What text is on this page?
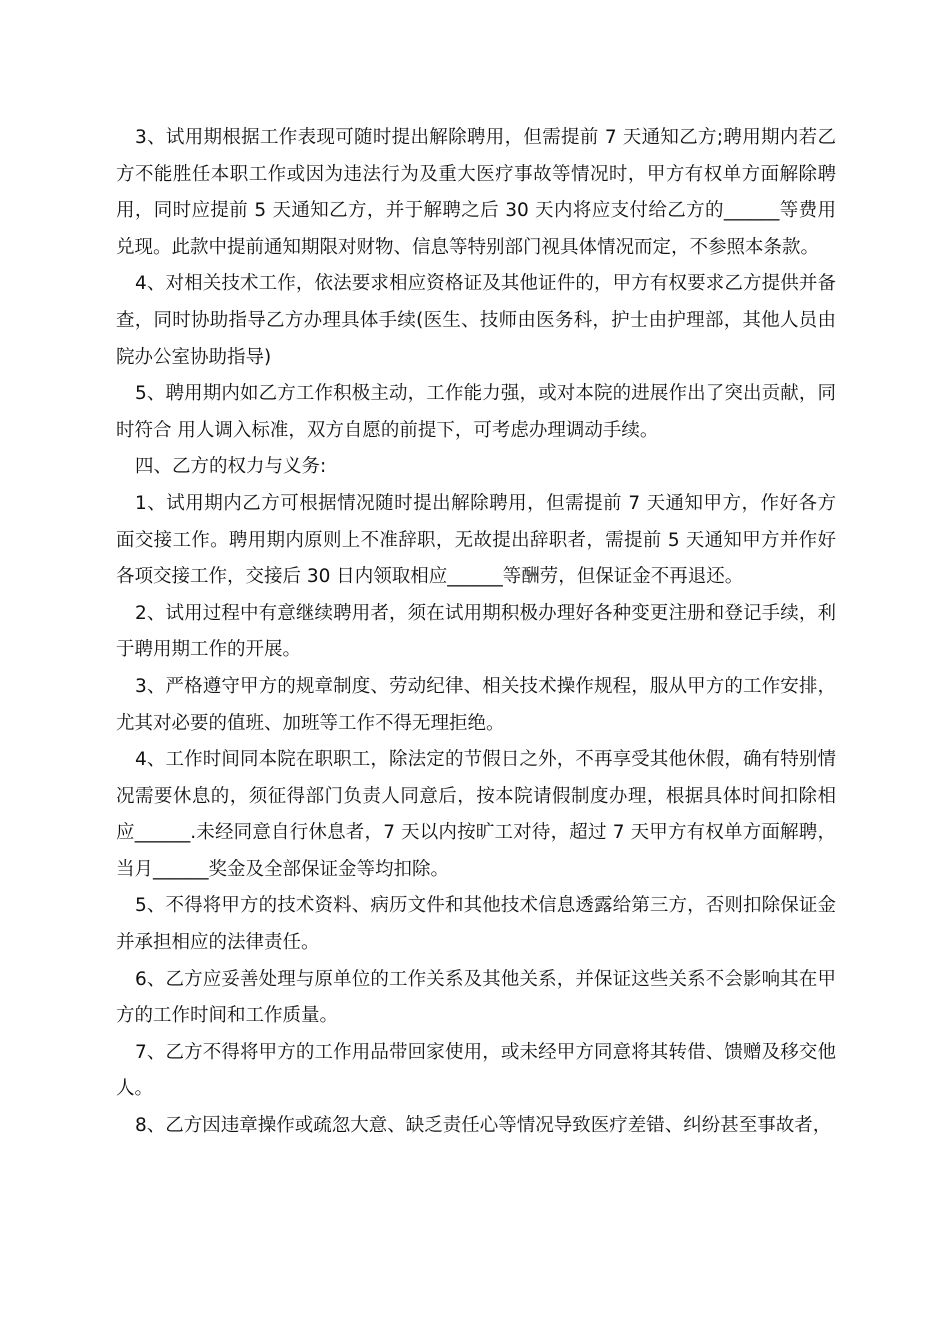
3、试用期根据工作表现可随时提出解除聘用，但需提前 7 天通知乙方;聘用期内若乙方不能胜任本职工作或因为违法行为及重大医疗事故等情况时，甲方有权单方面解除聘用，同时应提前 5 天通知乙方，并于解聘之后 30 天内将应支付给乙方的______等费用兑现。此款中提前通知期限对财物、信息等特别部门视具体情况而定，不参照本条款。

4、对相关技术工作，依法要求相应资格证及其他证件的，甲方有权要求乙方提供并备查，同时协助指导乙方办理具体手续(医生、技师由医务科，护士由护理部，其他人员由院办公室协助指导)

5、聘用期内如乙方工作积极主动，工作能力强，或对本院的进展作出了突出贡献，同时符合 用人调入标准，双方自愿的前提下，可考虑办理调动手续。

四、乙方的权力与义务:

1、试用期内乙方可根据情况随时提出解除聘用，但需提前 7 天通知甲方，作好各方面交接工作。聘用期内原则上不准辞职，无故提出辞职者，需提前 5 天通知甲方并作好各项交接工作，交接后 30 日内领取相应______等酬劳，但保证金不再退还。

2、试用过程中有意继续聘用者，须在试用期积极办理好各种变更注册和登记手续，利于聘用期工作的开展。

3、严格遵守甲方的规章制度、劳动纪律、相关技术操作规程，服从甲方的工作安排，尤其对必要的值班、加班等工作不得无理拒绝。

4、工作时间同本院在职职工，除法定的节假日之外，不再享受其他休假，确有特别情况需要休息的，须征得部门负责人同意后，按本院请假制度办理，根据具体时间扣除相应______.未经同意自行休息者，7 天以内按旷工对待，超过 7 天甲方有权单方面解聘，当月______奖金及全部保证金等均扣除。

5、不得将甲方的技术资料、病历文件和其他技术信息透露给第三方，否则扣除保证金并承担相应的法律责任。

6、乙方应妥善处理与原单位的工作关系及其他关系，并保证这些关系不会影响其在甲方的工作时间和工作质量。

7、乙方不得将甲方的工作用品带回家使用，或未经甲方同意将其转借、馈赠及移交他人。

8、乙方因违章操作或疏忽大意、缺乏责任心等情况导致医疗差错、纠纷甚至事故者，
